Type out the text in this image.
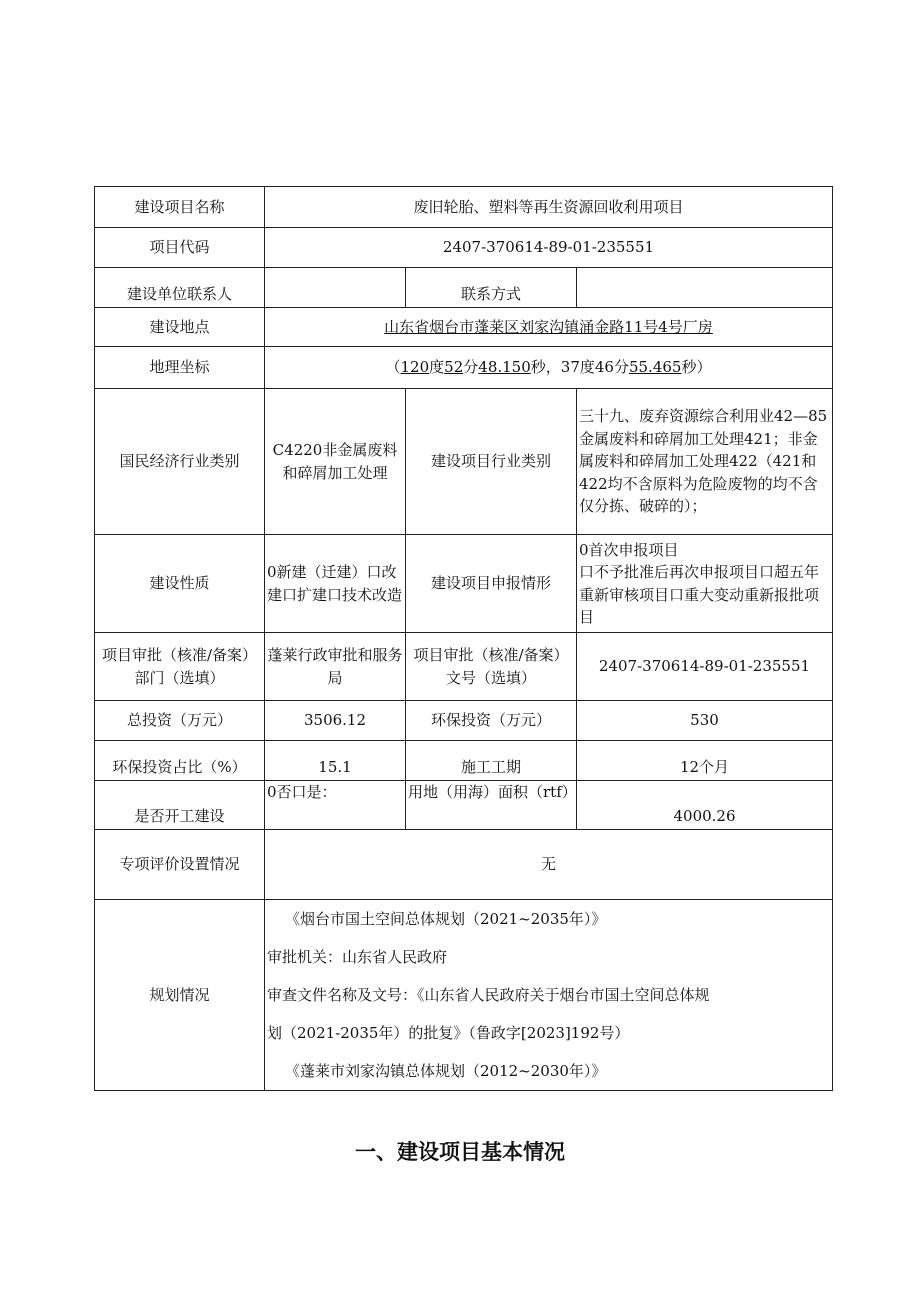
建设项目名称	废旧轮胎、塑料等再生资源回收利用项目		
项目代码	2407-370614-89-01-235551		
建设单位联系人		联系方式	
建设地点	山东省烟台市蓬莱区刘家沟镇涌金路11号4号厂房		
地理坐标	（120度52分48.150秒，37度46分55.465秒）		
国民经济行业类别	C4220非金属废料和碎屑加工处理	建设项目行业类别	三十九、废弃资源综合利用业42—85金属废料和碎屑加工处理421；非金属废料和碎屑加工处理422（421和422均不含原料为危险废物的均不含仅分拣、破碎的）；
建设性质	0新建（迁建）口改建口扩建口技术改造	建设项目申报情形	0首次申报项目
口不予批准后再次申报项目口超五年重新审核项目口重大变动重新报批项目
项目审批（核准/备案）部门（选填）	蓬莱行政审批和服务局	项目审批（核准/备案）文号（选填）	2407-370614-89-01-235551
总投资（万元）	3506.12	环保投资（万元）	530
环保投资占比（%）	15.1	施工工期	12个月
是否开工建设	0否口是：	用地（用海）面积（rtf）	4000.26
专项评价设置情况	无		
规划情况	《烟台市国土空间总体规划（2021~2035年）》

审批机关：山东省人民政府

审查文件名称及文号：《山东省人民政府关于烟台市国土空间总体规

划（2021-2035年）的批复》（鲁政字[2023]192号）

《蓬莱市刘家沟镇总体规划（2012~2030年）》		

一、建设项目基本情况
